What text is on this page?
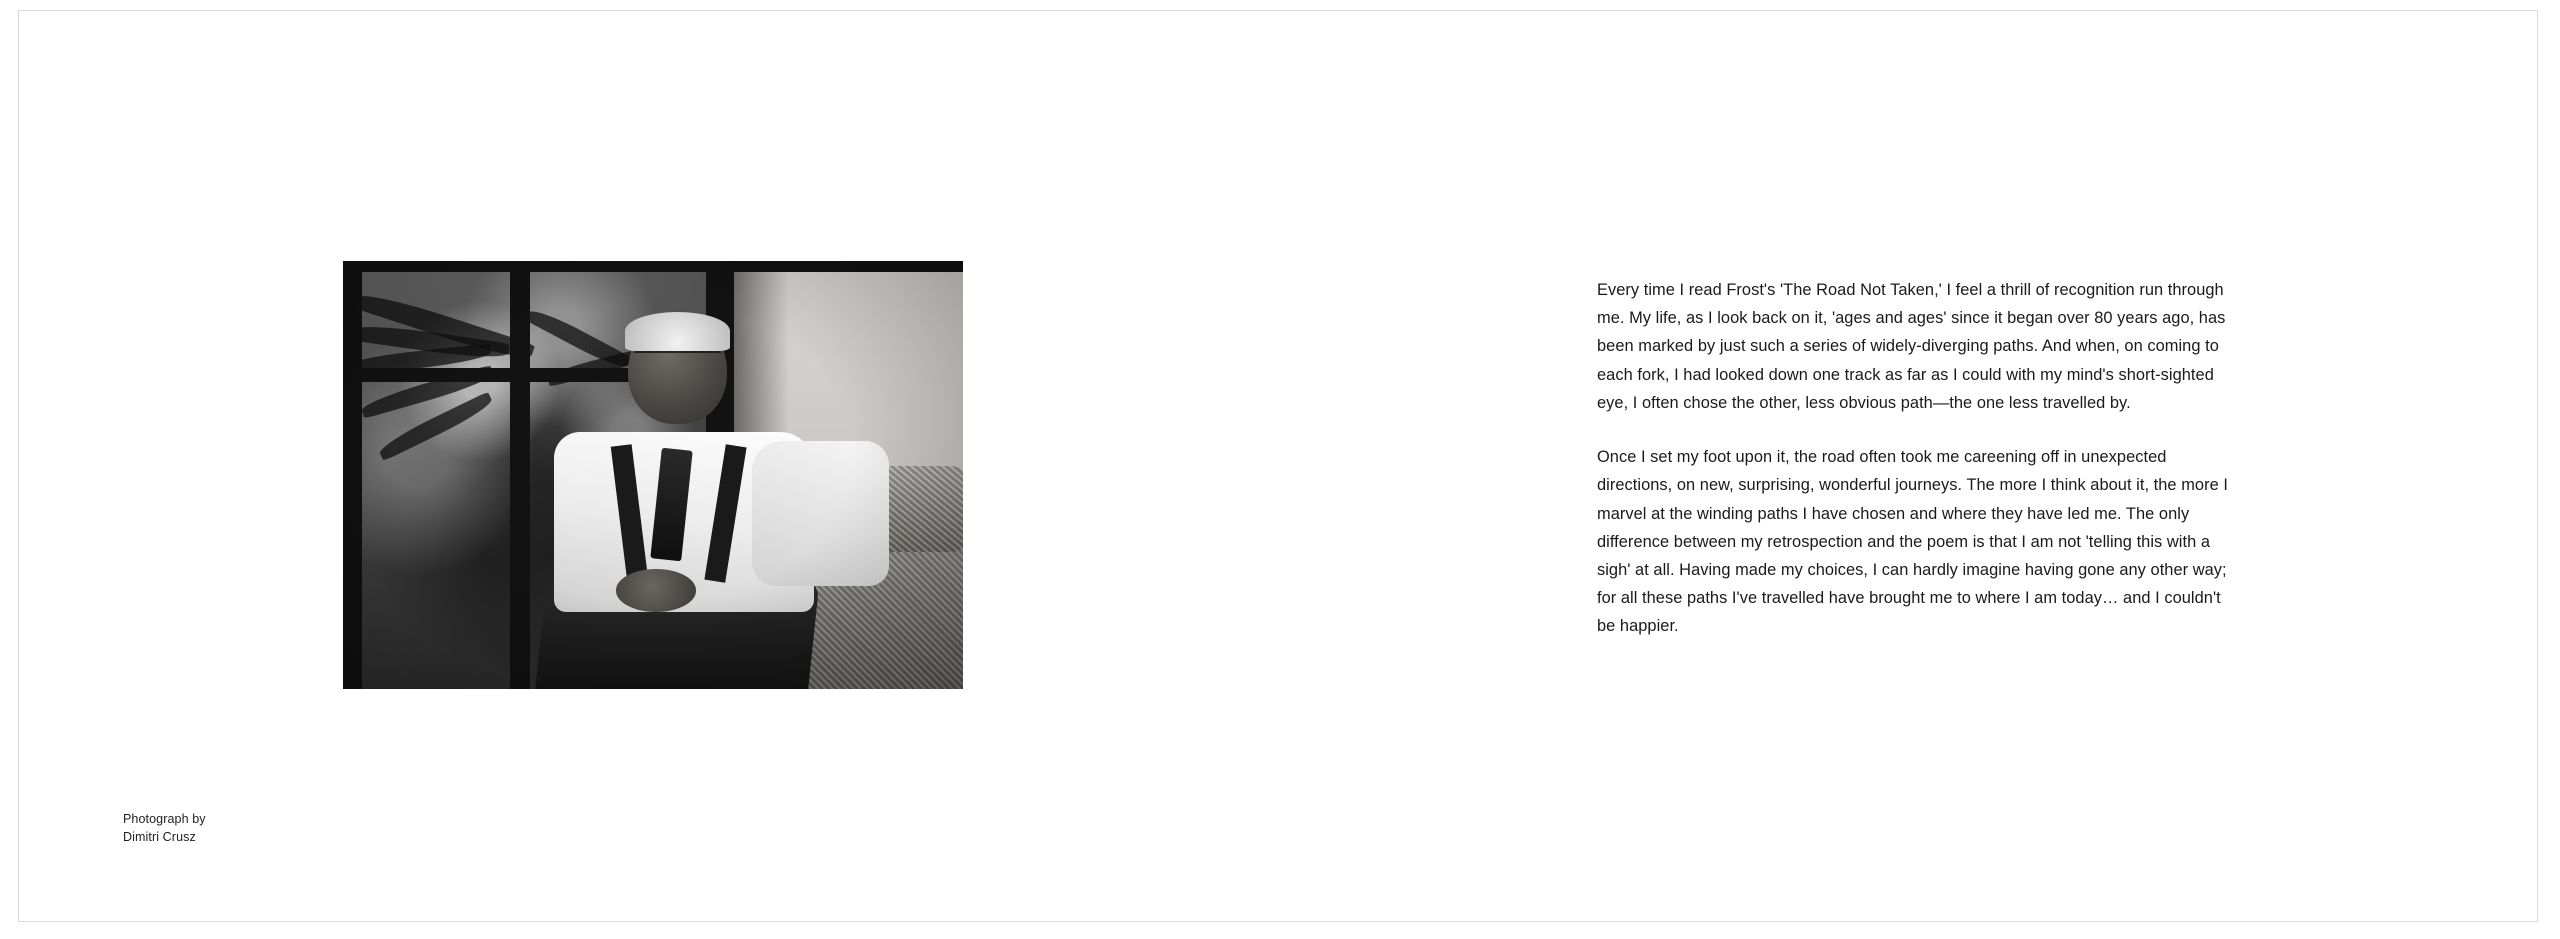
Photograph by
Dimitri Crusz

Every time I read Frost's 'The Road Not Taken,' I feel a thrill of recognition run through me. My life, as I look back on it, 'ages and ages' since it began over 80 years ago, has been marked by just such a series of widely-diverging paths. And when, on coming to each fork, I had looked down one track as far as I could with my mind's short-sighted eye, I often chose the other, less obvious path—the one less travelled by.

Once I set my foot upon it, the road often took me careening off in unexpected directions, on new, surprising, wonderful journeys. The more I think about it, the more I marvel at the winding paths I have chosen and where they have led me. The only difference between my retrospection and the poem is that I am not 'telling this with a sigh' at all. Having made my choices, I can hardly imagine having gone any other way; for all these paths I've travelled have brought me to where I am today… and I couldn't be happier.
